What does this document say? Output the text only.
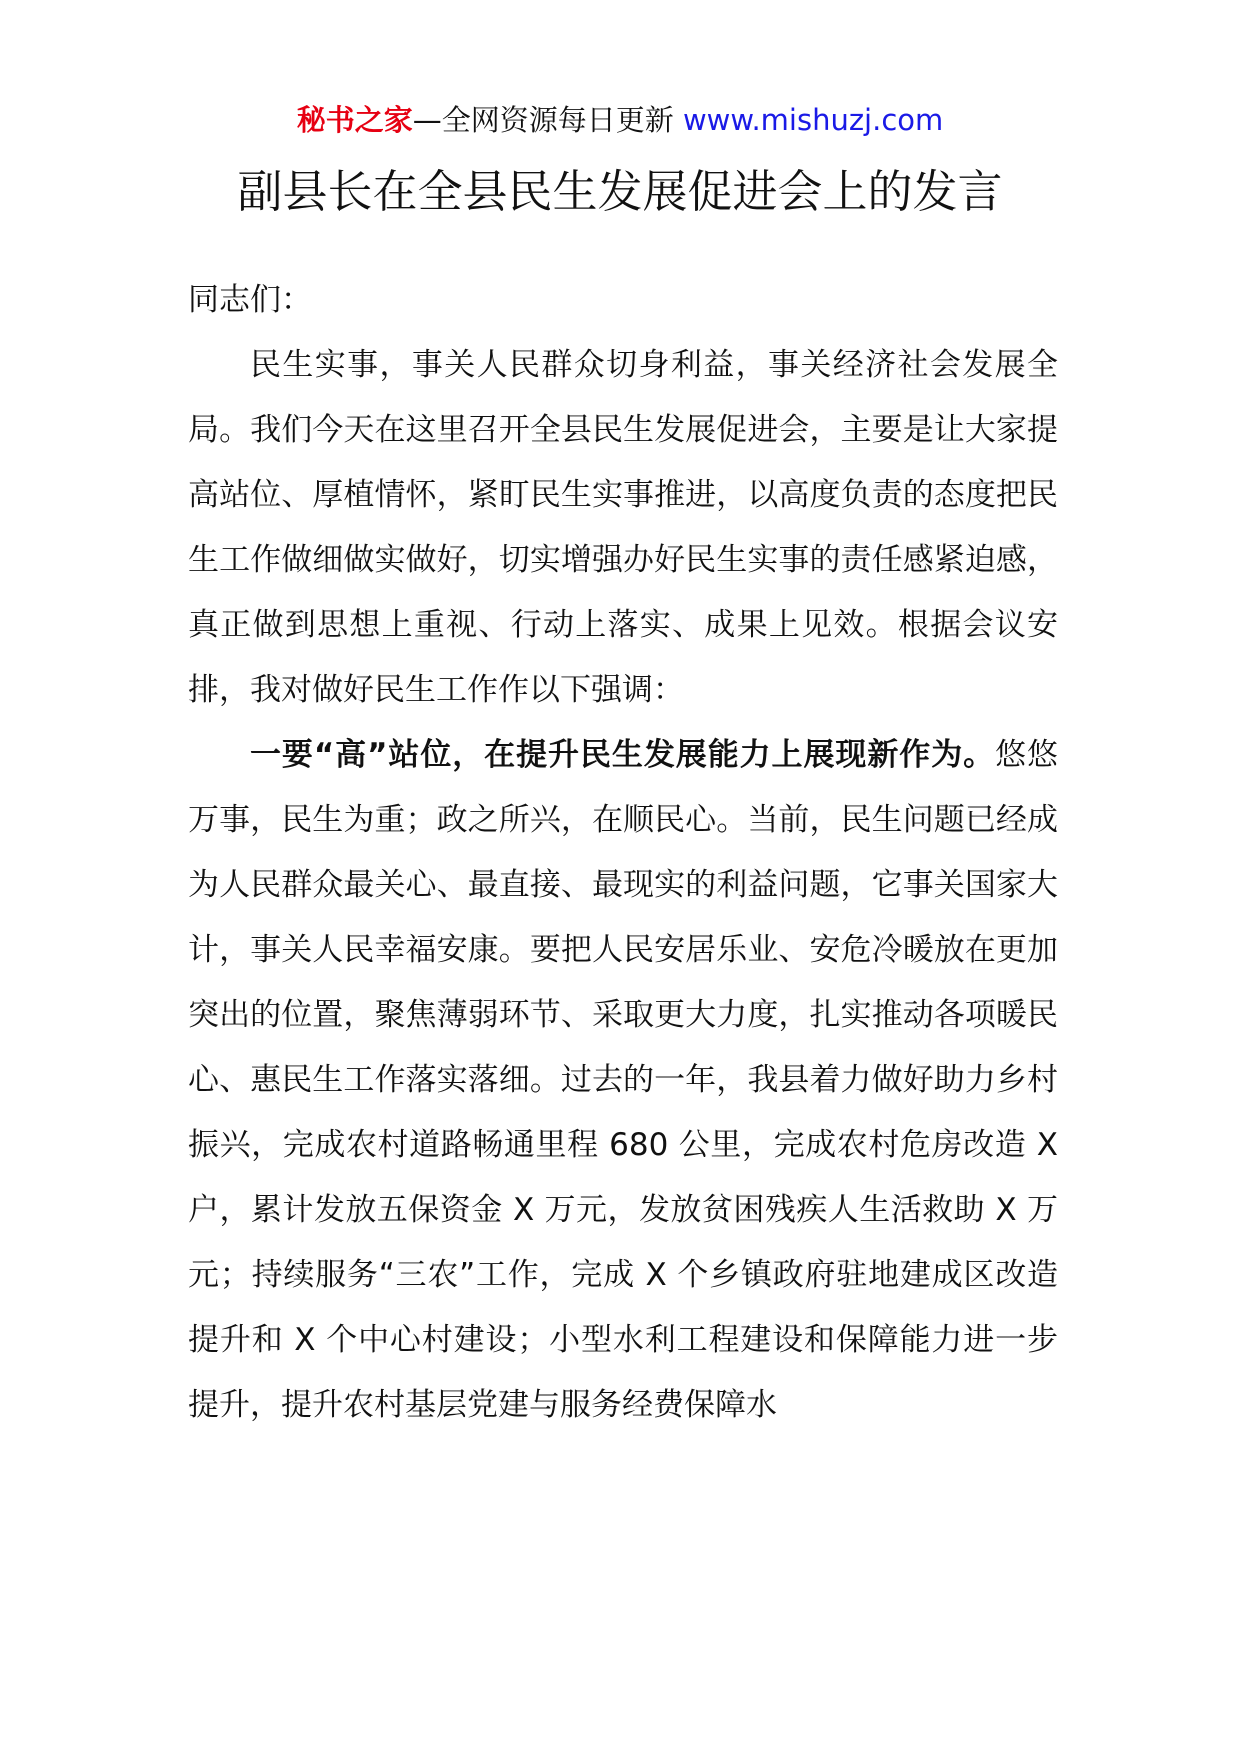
秘书之家—全网资源每日更新 www.mishuzj.com
副县长在全县民生发展促进会上的发言

同志们：

民生实事，事关人民群众切身利益，事关经济社会发展全局。我们今天在这里召开全县民生发展促进会，主要是让大家提高站位、厚植情怀，紧盯民生实事推进，以高度负责的态度把民生工作做细做实做好，切实增强办好民生实事的责任感紧迫感，真正做到思想上重视、行动上落实、成果上见效。根据会议安排，我对做好民生工作作以下强调：

一要“高”站位，在提升民生发展能力上展现新作为。悠悠万事，民生为重；政之所兴，在顺民心。当前，民生问题已经成为人民群众最关心、最直接、最现实的利益问题，它事关国家大计，事关人民幸福安康。要把人民安居乐业、安危冷暖放在更加突出的位置，聚焦薄弱环节、采取更大力度，扎实推动各项暖民心、惠民生工作落实落细。过去的一年，我县着力做好助力乡村振兴，完成农村道路畅通里程 680 公里，完成农村危房改造 X 户，累计发放五保资金 X 万元，发放贫困残疾人生活救助 X 万元；持续服务“三农”工作，完成 X 个乡镇政府驻地建成区改造提升和 X 个中心村建设；小型水利工程建设和保障能力进一步提升，提升农村基层党建与服务经费保障水
